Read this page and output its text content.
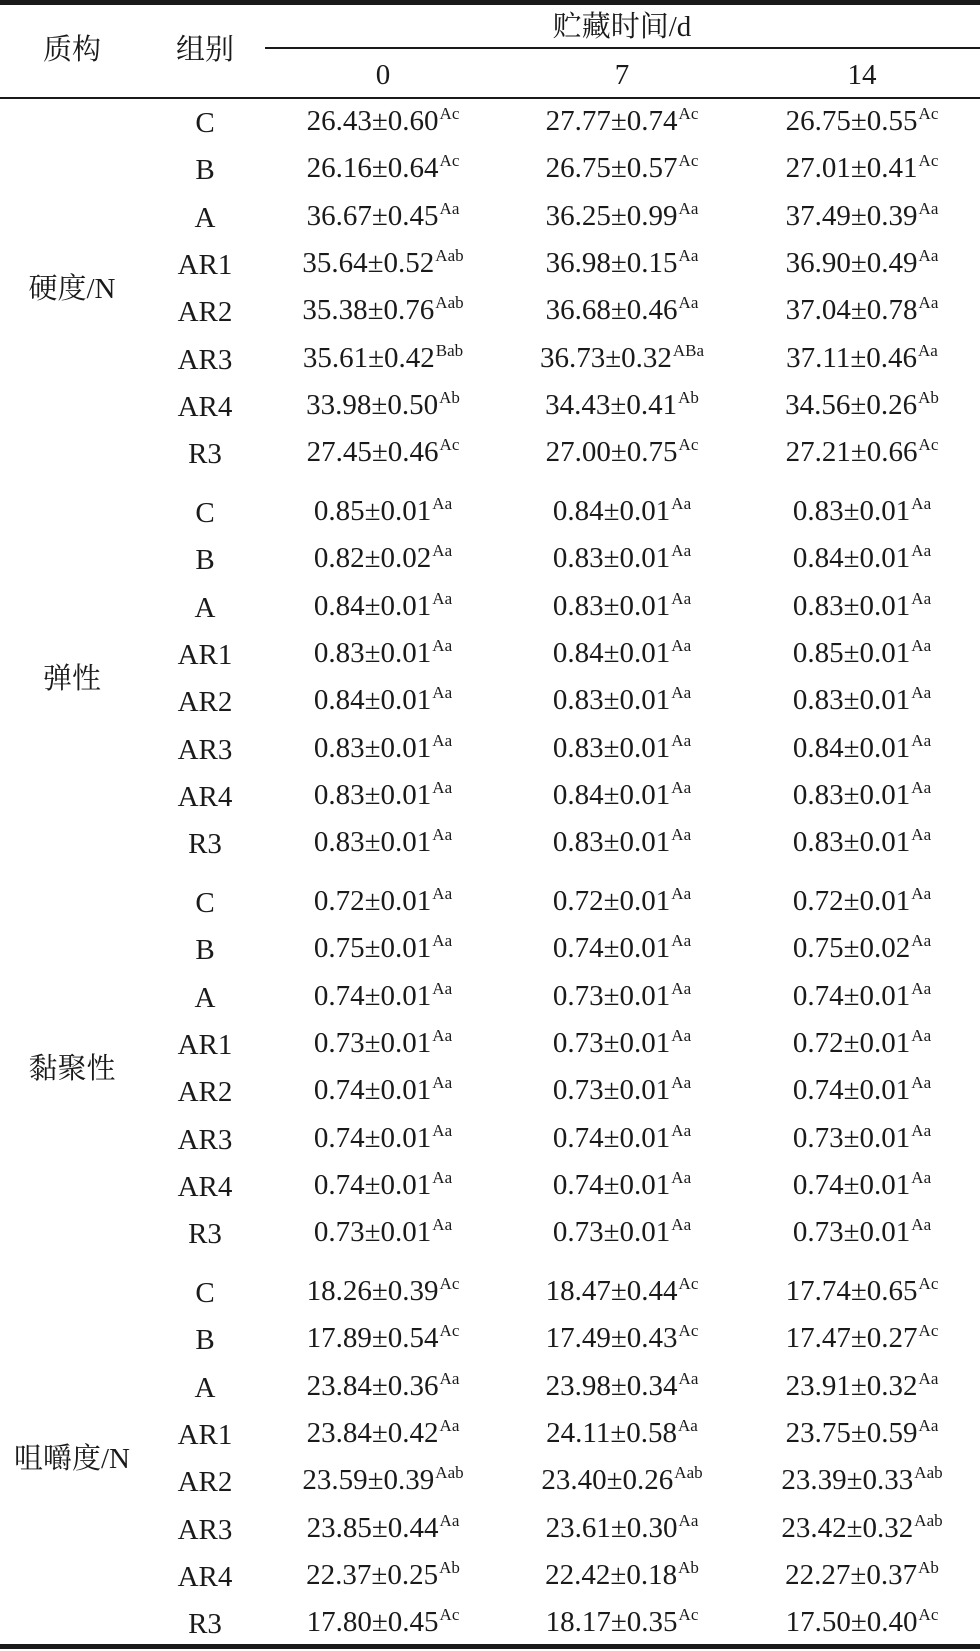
质构	组别
贮藏时间/d
0	7	14
硬度/N
C	$26.43\pm 0.60^{Ac}$	$27.77\pm 0.74^{Ac}$	$26.75\pm 0.55^{Ac}$
B	$26.16\pm 0.64^{Ac}$	$26.75\pm 0.57^{Ac}$	$27.01\pm 0.41^{Ac}$
A	$36.67\pm 0.45^{Aa}$	$36.25\pm 0.99^{Aa}$	$37.49\pm 0.39^{Aa}$
AR1 $35.64\pm 0.52^{Aab}$	$36.98\pm 0.15^{Aa}$	$36.90\pm 0.49^{Aa}$
AR2 $35.38\pm 0.76^{Aab}$	$36.68\pm 0.46^{Aa}$	$37.04\pm 0.78^{Aa}$
AR3 $35.61\pm 0.42^{Bab}$	$36.73\pm 0.32^{ABa}$	$37.11\pm 0.46^{Aa}$
AR4	$33.98\pm 0.50^{Ab}$	$34.43\pm 0.41^{Ab}$	$34.56\pm 0.26^{Ab}$
R3	$27.45\pm 0.46^{Ac}$	$27.00\pm 0.75^{Ac}$	$27.21\pm 0.66^{Ac}$
弹性
C	$0.85\pm 0.01^{Aa}$	$0.84\pm 0.01^{Aa}$	$0.83\pm 0.01^{Aa}$
B	$0.82\pm 0.02^{Aa}$	$0.83\pm 0.01^{Aa}$	$0.84\pm 0.01^{Aa}$
A	$0.84\pm 0.01^{Aa}$	$0.83\pm 0.01^{Aa}$	$0.83\pm 0.01^{Aa}$
AR1	$0.83\pm 0.01^{Aa}$	$0.84\pm 0.01^{Aa}$	$0.85\pm 0.01^{Aa}$
AR2	$0.84\pm 0.01^{Aa}$	$0.83\pm 0.01^{Aa}$	$0.83\pm 0.01^{Aa}$
AR3	$0.83\pm 0.01^{Aa}$	$0.83\pm 0.01^{Aa}$	$0.84\pm 0.01^{Aa}$
AR4	$0.83\pm 0.01^{Aa}$	$0.84\pm 0.01^{Aa}$	$0.83\pm 0.01^{Aa}$
R3	$0.83\pm 0.01^{Aa}$	$0.83\pm 0.01^{Aa}$	$0.83\pm 0.01^{Aa}$
黏聚性
C	$0.72\pm 0.01^{Aa}$	$0.72\pm 0.01^{Aa}$	$0.72\pm 0.01^{Aa}$
B	$0.75\pm 0.01^{Aa}$	$0.74\pm 0.01^{Aa}$	$0.75\pm 0.02^{Aa}$
A	$0.74\pm 0.01^{Aa}$	$0.73\pm 0.01^{Aa}$	$0.74\pm 0.01^{Aa}$
AR1	$0.73\pm 0.01^{Aa}$	$0.73\pm 0.01^{Aa}$	$0.72\pm 0.01^{Aa}$
AR2	$0.74\pm 0.01^{Aa}$	$0.73\pm 0.01^{Aa}$	$0.74\pm 0.01^{Aa}$
AR3	$0.74\pm 0.01^{Aa}$	$0.74\pm 0.01^{Aa}$	$0.73\pm 0.01^{Aa}$
AR4	$0.74\pm 0.01^{Aa}$	$0.74\pm 0.01^{Aa}$	$0.74\pm 0.01^{Aa}$
R3	$0.73\pm 0.01^{Aa}$	$0.73\pm 0.01^{Aa}$	$0.73\pm 0.01^{Aa}$
咀嚼度/N
C	$18.26\pm 0.39^{Ac}$	$18.47\pm 0.44^{Ac}$	$17.74\pm 0.65^{Ac}$
B	$17.89\pm 0.54^{Ac}$	$17.49\pm 0.43^{Ac}$	$17.47\pm 0.27^{Ac}$
A	$23.84\pm 0.36^{Aa}$	$23.98\pm 0.34^{Aa}$	$23.91\pm 0.32^{Aa}$
AR1	$23.84\pm 0.42^{Aa}$	$24.11\pm 0.58^{Aa}$	$23.75\pm 0.59^{Aa}$
AR2 $23.59\pm 0.39^{Aab}$	$23.40\pm 0.26^{Aab}$	$23.39\pm 0.33^{Aab}$
AR3	$23.85\pm 0.44^{Aa}$	$23.61\pm 0.30^{Aa}$	$23.42\pm 0.32^{Aab}$
AR4	$22.37\pm 0.25^{Ab}$	$22.42\pm 0.18^{Ab}$	$22.27\pm 0.37^{Ab}$
R3	$17.80\pm 0.45^{Ac}$	$18.17\pm 0.35^{Ac}$	$17.50\pm 0.40^{Ac}$
